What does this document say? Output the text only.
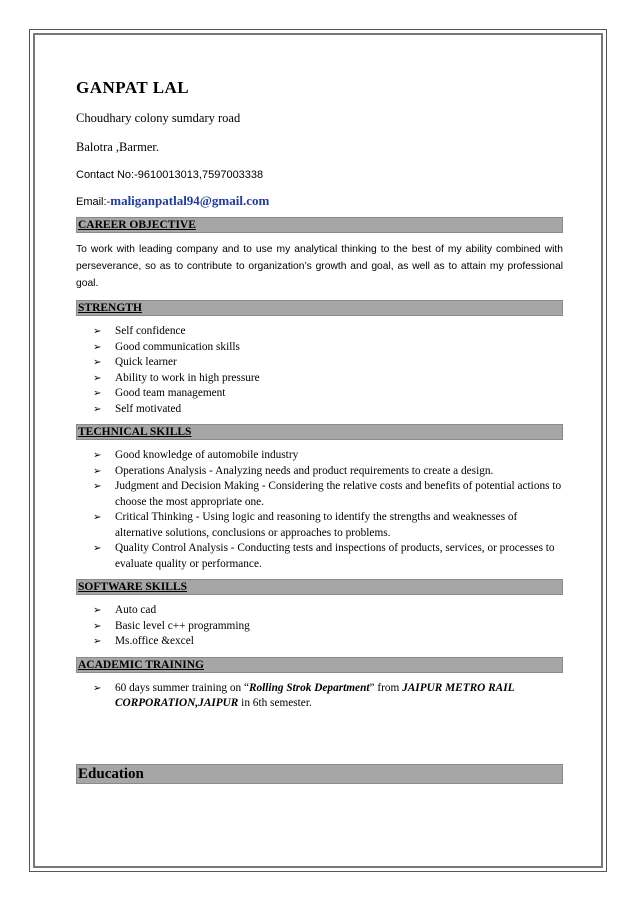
GANPAT LAL
Choudhary colony sumdary road
Balotra ,Barmer.
Contact No:-9610013013,7597003338
Email:-maliganpatlal94@gmail.com
CAREER OBJECTIVE
To work with leading company and to use my analytical thinking to the best of my ability combined with perseverance, so as to contribute to organization’s growth and goal, as well as to attain my professional goal.
STRENGTH
➢ Self confidence
➢ Good communication skills
➢ Quick learner
➢ Ability to work in high pressure
➢ Good team management
➢ Self motivated
TECHNICAL SKILLS
➢ Good knowledge of automobile industry
➢ Operations Analysis - Analyzing needs and product requirements to create a design.
➢ Judgment and Decision Making - Considering the relative costs and benefits of potential actions to choose the most appropriate one.
➢ Critical Thinking - Using logic and reasoning to identify the strengths and weaknesses of alternative solutions, conclusions or approaches to problems.
➢ Quality Control Analysis - Conducting tests and inspections of products, services, or processes to evaluate quality or performance.
SOFTWARE SKILLS
➢ Auto cad
➢ Basic level c++ programming
➢ Ms.office &excel
ACADEMIC TRAINING
➢ 60 days summer training on “Rolling Strok Department” from JAIPUR METRO RAIL CORPORATION,JAIPUR in 6th semester.
Education
